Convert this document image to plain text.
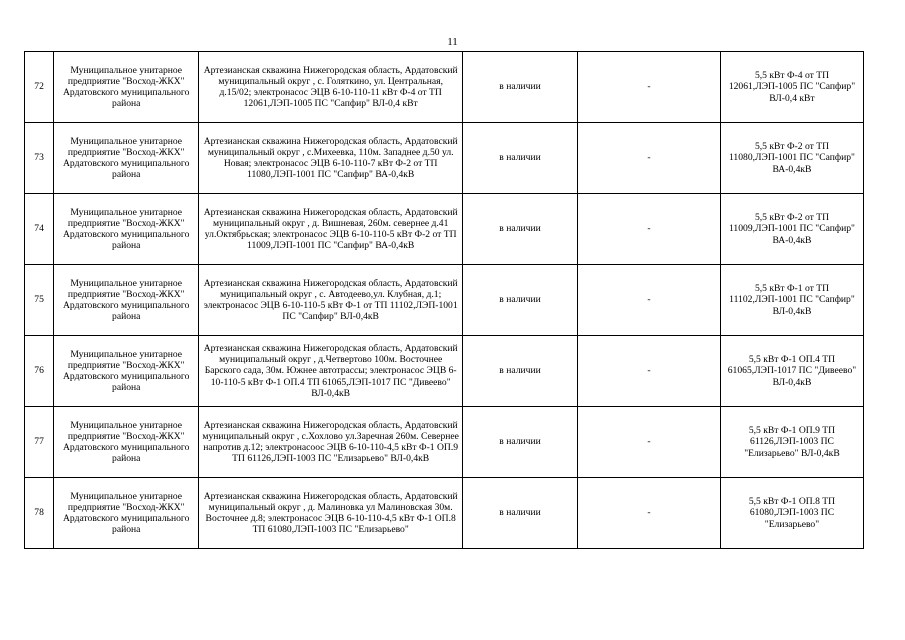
11
72	Муниципальное унитарное предприятие "Восход-ЖКХ" Ардатовского муниципального района	Артезианская скважина Нижегородская область, Ардатовский муниципальный округ , с. Голяткино, ул. Центральная, д.15/02; электронасос ЭЦВ 6-10-110-11 кВт Ф-4 от ТП 12061,ЛЭП-1005 ПС "Сапфир" ВЛ-0,4 кВт	в наличии	-	5,5 кВт Ф-4 от ТП 12061,ЛЭП-1005 ПС "Сапфир" ВЛ-0,4 кВт
73	Муниципальное унитарное предприятие "Восход-ЖКХ" Ардатовского муниципального района	Артезианская скважина Нижегородская область, Ардатовский муниципальный округ , с.Михеевка, 110м. Западнее д.50 ул. Новая; электронасос ЭЦВ 6-10-110-7 кВт Ф-2 от ТП 11080,ЛЭП-1001 ПС "Сапфир" ВА-0,4кВ	в наличии	-	5,5 кВт Ф-2 от ТП 11080,ЛЭП-1001 ПС "Сапфир" ВА-0,4кВ
74	Муниципальное унитарное предприятие "Восход-ЖКХ" Ардатовского муниципального района	Артезианская скважина Нижегородская область, Ардатовский муниципальный округ , д. Вишневая, 260м. севернее д.41 ул.Октябрьская; электронасос ЭЦВ 6-10-110-5 кВт Ф-2 от ТП 11009,ЛЭП-1001 ПС "Сапфир" ВА-0,4кВ	в наличии	-	5,5 кВт Ф-2 от ТП 11009,ЛЭП-1001 ПС "Сапфир" ВА-0,4кВ
75	Муниципальное унитарное предприятие "Восход-ЖКХ" Ардатовского муниципального района	Артезианская скважина Нижегородская область, Ардатовский муниципальный округ , с. Автодеево,ул. Клубная, д.1; электронасос ЭЦВ 6-10-110-5 кВт Ф-1 от ТП 11102,ЛЭП-1001 ПС "Сапфир" ВЛ-0,4кВ	в наличии	-	5,5 кВт Ф-1 от ТП 11102,ЛЭП-1001 ПС "Сапфир" ВЛ-0,4кВ
76	Муниципальное унитарное предприятие "Восход-ЖКХ" Ардатовского муниципального района	Артезианская скважина Нижегородская область, Ардатовский муниципальный округ , д.Четвертово 100м. Восточнее Барского сада, 30м. Южнее автотрассы; электронасос ЭЦВ 6-10-110-5 кВт Ф-1 ОП.4 ТП 61065,ЛЭП-1017 ПС "Дивеево" ВЛ-0,4кВ	в наличии	-	5,5 кВт Ф-1 ОП.4 ТП 61065,ЛЭП-1017 ПС "Дивеево" ВЛ-0,4кВ
77	Муниципальное унитарное предприятие "Восход-ЖКХ" Ардатовского муниципального района	Артезианская скважина Нижегородская область, Ардатовский муниципальный округ , с.Хохлово ул.Заречная 260м. Севернее напротив д.12; электронасоос ЭЦВ 6-10-110-4,5 кВт Ф-1 ОП.9 ТП 61126,ЛЭП-1003 ПС "Елизарьево" ВЛ-0,4кВ	в наличии	-	5,5 кВт Ф-1 ОП.9 ТП 61126,ЛЭП-1003 ПС "Елизарьево" ВЛ-0,4кВ
78	Муниципальное унитарное предприятие "Восход-ЖКХ" Ардатовского муниципального района	Артезианская скважина Нижегородская область, Ардатовский муниципальный округ , д. Малиновка ул Малиновская 30м. Восточнее д.8; электронасос ЭЦВ 6-10-110-4,5 кВт Ф-1 ОП.8 ТП 61080,ЛЭП-1003 ПС "Елизарьево"	в наличии	-	5,5 кВт Ф-1 ОП.8 ТП 61080,ЛЭП-1003 ПС "Елизарьево"
